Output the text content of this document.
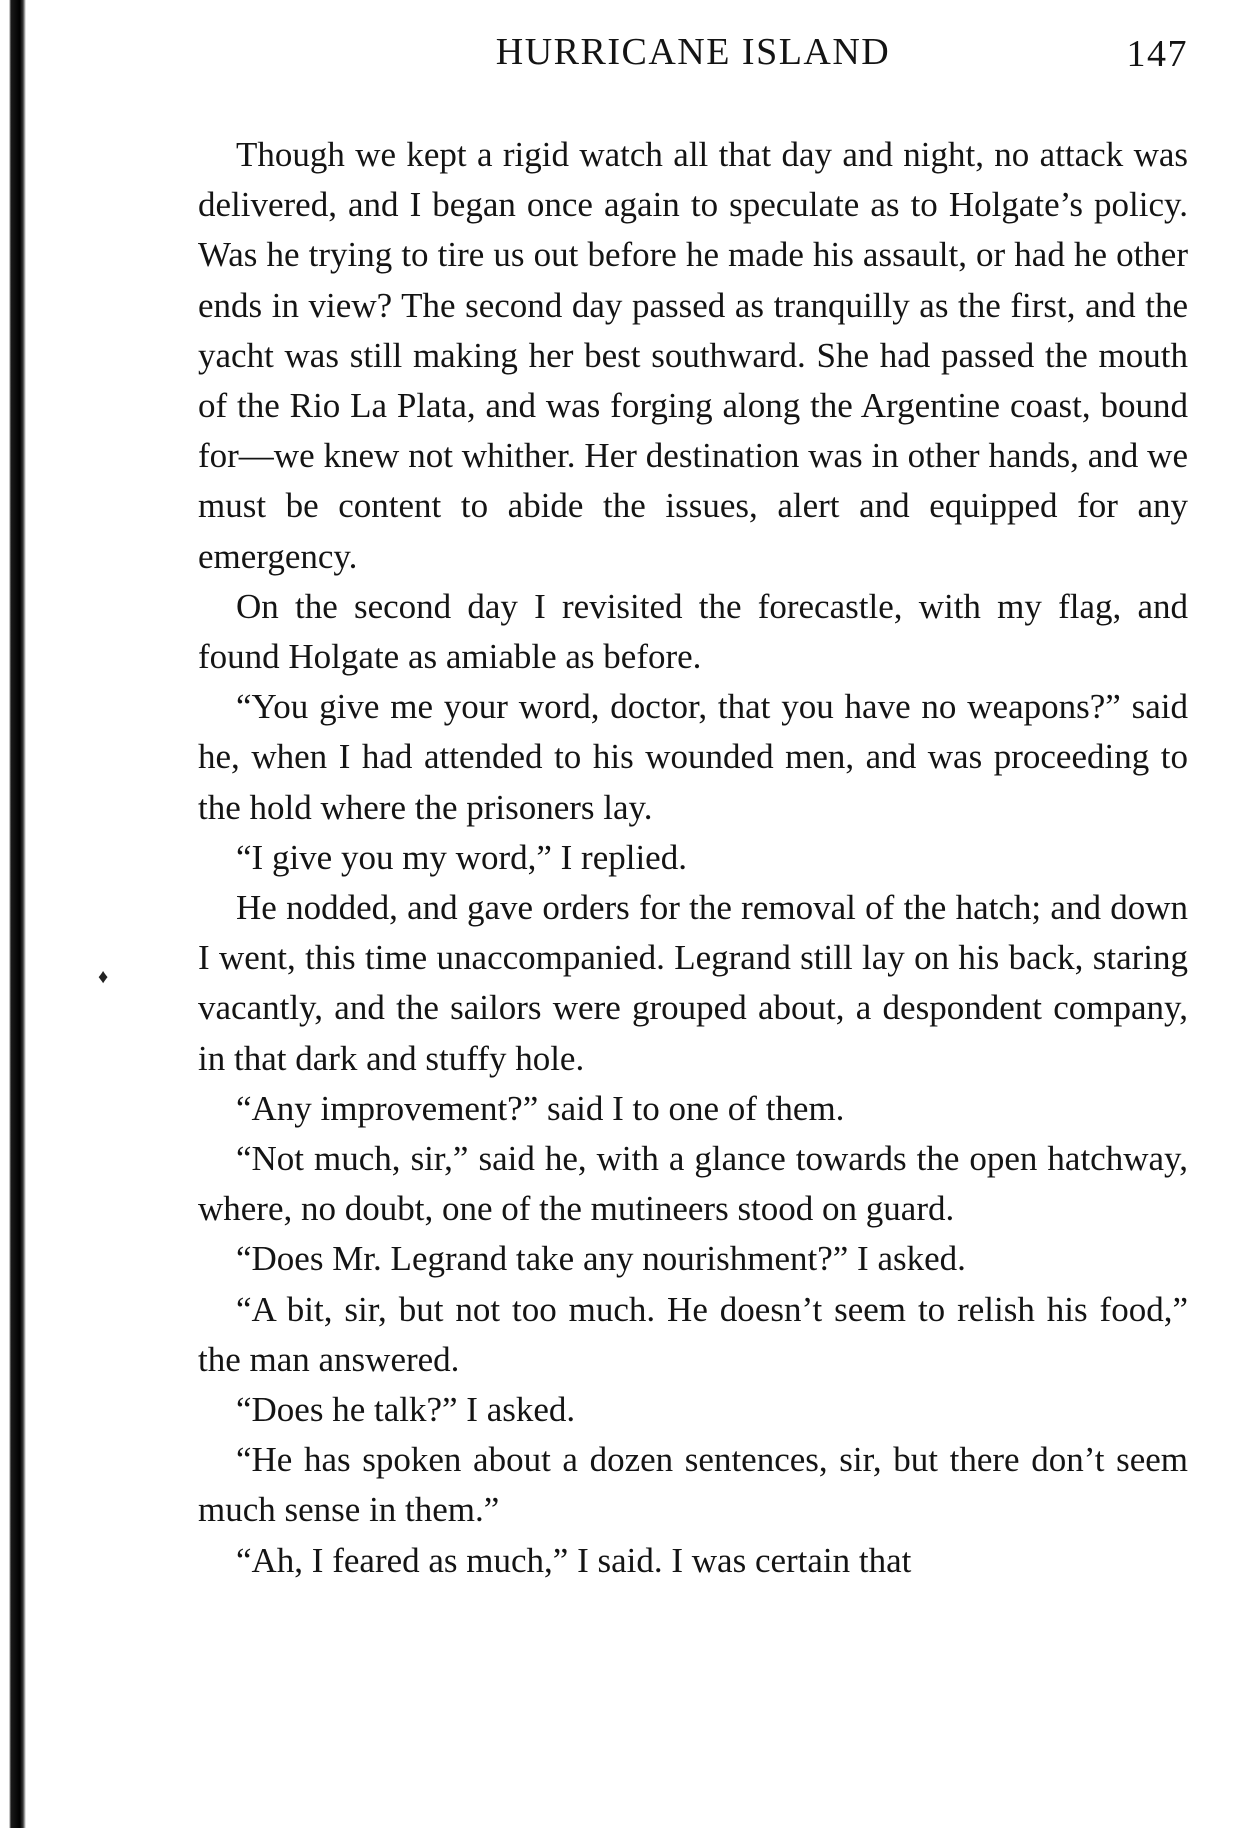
♦
HURRICANE ISLAND	147

Though we kept a rigid watch all that day and night, no attack was delivered, and I began once again to speculate as to Holgate’s policy. Was he trying to tire us out before he made his assault, or had he other ends in view? The second day passed as tranquilly as the first, and the yacht was still making her best southward. She had passed the mouth of the Rio La Plata, and was forging along the Argentine coast, bound for—we knew not whither. Her destination was in other hands, and we must be content to abide the issues, alert and equipped for any emergency.

On the second day I revisited the forecastle, with my flag, and found Holgate as amiable as before.

“You give me your word, doctor, that you have no weapons?” said he, when I had attended to his wounded men, and was proceeding to the hold where the prisoners lay.

“I give you my word,” I replied.

He nodded, and gave orders for the removal of the hatch; and down I went, this time unaccompanied. Legrand still lay on his back, staring vacantly, and the sailors were grouped about, a despondent company, in that dark and stuffy hole.

“Any improvement?” said I to one of them.

“Not much, sir,” said he, with a glance towards the open hatchway, where, no doubt, one of the mutineers stood on guard.

“Does Mr. Legrand take any nourishment?” I asked.

“A bit, sir, but not too much. He doesn’t seem to relish his food,” the man answered.

“Does he talk?” I asked.

“He has spoken about a dozen sentences, sir, but there don’t seem much sense in them.”

“Ah, I feared as much,” I said. I was certain that
